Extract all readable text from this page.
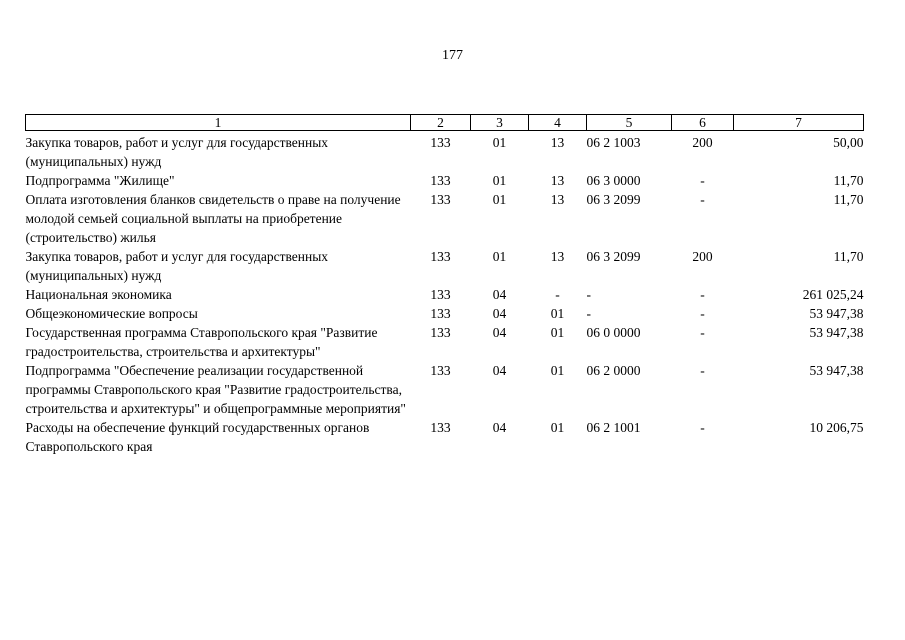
177
1	2	3	4	5	6	7
Закупка товаров, работ и услуг для государственных (муниципальных) нужд	133	01	13	06 2 1003	200	50,00
Подпрограмма "Жилище"	133	01	13	06 3 0000	-	11,70
Оплата изготовления бланков свидетельств о праве на получение молодой семьей социальной выплаты на приобретение (строительство) жилья	133	01	13	06 3 2099	-	11,70
Закупка товаров, работ и услуг для государственных (муниципальных) нужд	133	01	13	06 3 2099	200	11,70
Национальная экономика	133	04	-	-	-	261 025,24
Общеэкономические вопросы	133	04	01	-	-	53 947,38
Государственная программа Ставропольского края "Развитие градостроительства, строительства и архитектуры"	133	04	01	06 0 0000	-	53 947,38
Подпрограмма "Обеспечение реализации государственной программы Ставропольского края "Развитие градостроительства, строительства и архитектуры" и общепрограммные мероприятия"	133	04	01	06 2 0000	-	53 947,38
Расходы на обеспечение функций государственных органов Ставропольского края	133	04	01	06 2 1001	-	10 206,75
